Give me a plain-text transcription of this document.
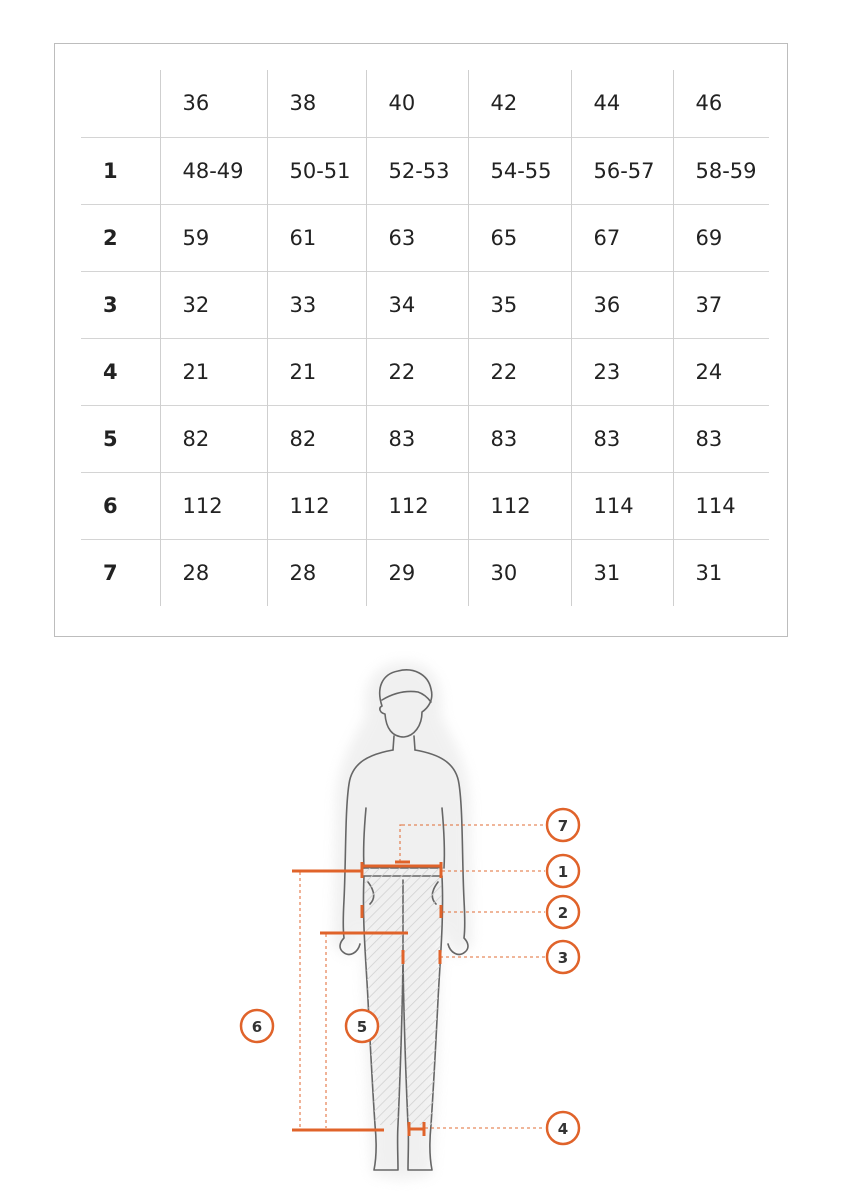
	36	38	40	42	44	46
1	48-49	50-51	52-53	54-55	56-57	58-59
2	59	61	63	65	67	69
3	32	33	34	35	36	37
4	21	21	22	22	23	24
5	82	82	83	83	83	83
6	112	112	112	112	114	114
7	28	28	29	30	31	31
7
1
2
3
4
5
6
